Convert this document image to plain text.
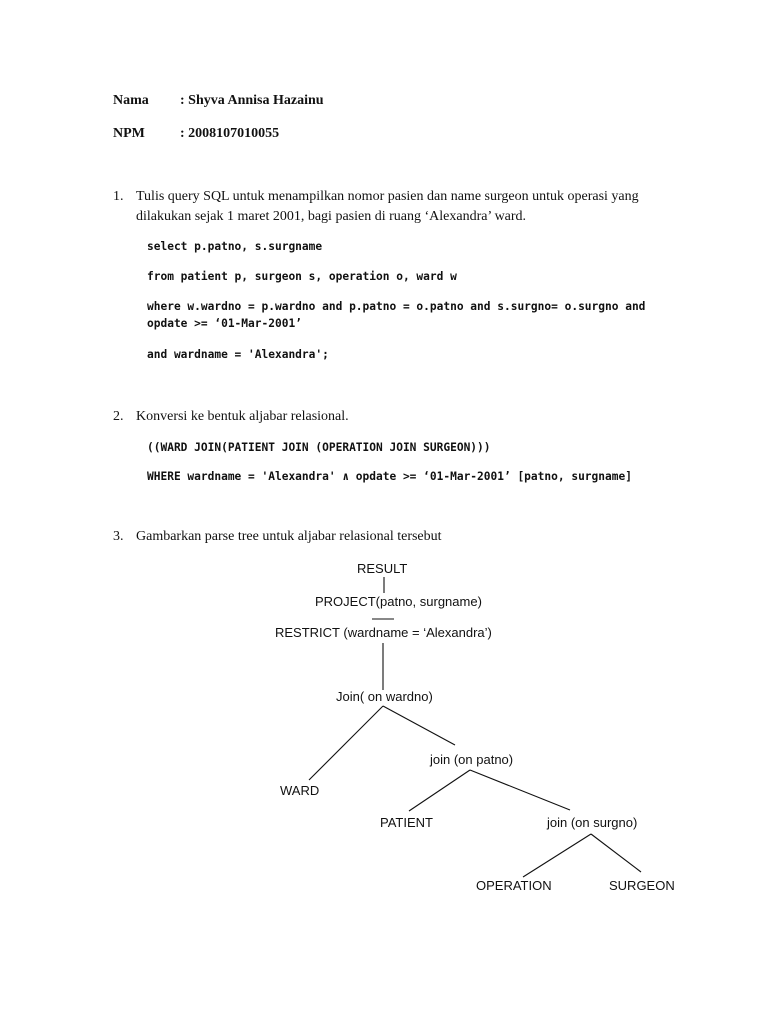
Nama : Shyva Annisa Hazainu
NPM	: 2008107010055
1. Tulis query SQL untuk menampilkan nomor pasien dan name surgeon untuk operasi yang
dilakukan sejak 1 maret 2001, bagi pasien di ruang ‘Alexandra’ ward.
select p.patno, s.surgname
from patient p, surgeon s, operation o, ward w
where w.wardno = p.wardno and p.patno = o.patno and s.surgno= o.surgno and
opdate >= ‘01-Mar-2001’
and wardname = 'Alexandra';
2. Konversi ke bentuk aljabar relasional.
((WARD JOIN(PATIENT JOIN (OPERATION JOIN SURGEON)))
WHERE wardname = 'Alexandra' ∧ opdate >= ‘01-Mar-2001’ [patno, surgname]
3. Gambarkan parse tree untuk aljabar relasional tersebut
RESULT
PROJECT(patno, surgname)
RESTRICT (wardname = ‘Alexandra’)
Join( on wardno)
WARD
join (on patno)
PATIENT	join (on surgno)
OPERATION	SURGEON
